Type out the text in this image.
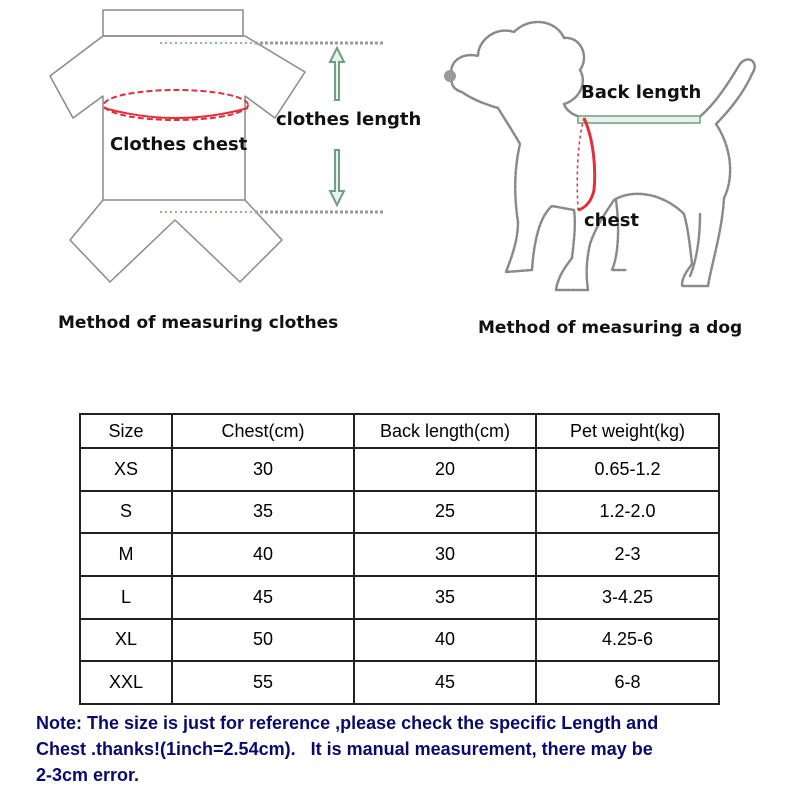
Clothes chest
clothes length
Method of measuring clothes
Back length
chest
Method of measuring a dog
Size	Chest(cm)	Back length(cm)	Pet weight(kg)
XS	30	20	0.65-1.2
S	35	25	1.2-2.0
M	40	30	2-3
L	45	35	3-4.25
XL	50	40	4.25-6
XXL	55	45	6-8
Note: The size is just for reference ,please check the specific Length and
Chest .thanks!(1inch=2.54cm).   It is manual measurement, there may be
2-3cm error.
